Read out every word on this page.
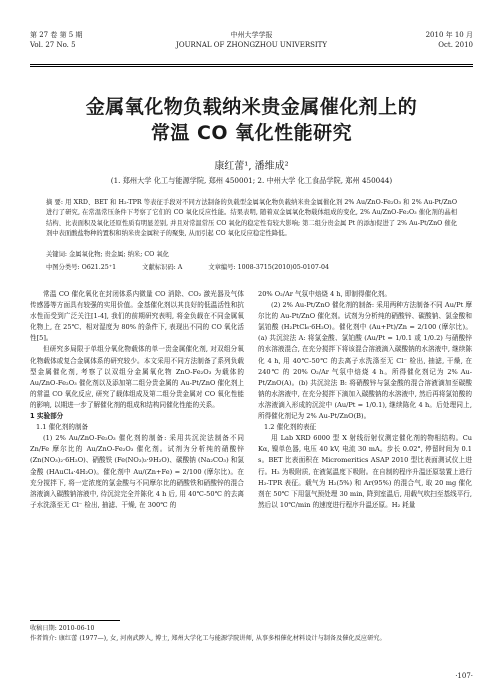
第 27 卷 第 5 期
Vol. 27 No. 5
中州大学学报
JOURNAL OF ZHONGZHOU UNIVERSITY
2010 年 10 月
Oct. 2010
金属氧化物负载纳米贵金属催化剂上的
常温 CO 氧化性能研究
康红蕾¹, 潘维成²
(1. 郑州大学 化工与能源学院, 郑州 450001; 2. 中州大学 化工食品学院, 郑州 450044)
摘 要: 用 XRD、BET 和 H₂-TPR 等表征手段对不同方法制备的负载型金属氧化物负载纳米贵金属催化剂 2% Au/ZnO-Fe₂O₃ 和 2% Au-Pt/ZnO 进行了研究, 在常温常压条件下考察了它们的 CO 氧化反应性能。结果表明, 随着双金属氧化物载体组成的变化, 2% Au/ZnO-Fe₂O₃ 催化剂的晶相结构、比表面积及氧化还原性质有明显差别, 并且对常温常压 CO 氧化的稳定性有较大影响; 第二组分贵金属 Pt 的添加促进了 2% Au-Pt/ZnO 催化剂中表面酸盐物种的置积和纳米贵金属粒子的聚集, 从而引起 CO 氧化反应稳定性降低。
关键词: 金属氧化物; 贵金属; 纳米; CO 氧化
中图分类号: O621.25⁺1	文献标识码: A	文章编号: 1008-3715(2010)05-0107-04

常温 CO 催化氧化在封闭体系内微量 CO 消除、CO₂ 激光器及气体传感器等方面具有较强的实用价值。金基催化剂以其良好的低温活性和抗水性而受到广泛关注[1-4], 我们的前期研究表明, 将金负载在不同金属氧化物上, 在 25℃、相对湿度为 80% 的条件下, 表现出不同的 CO 氧化活性[5]。

但研究多局限于单组分氧化物载体的单一贵金属催化剂, 对双组分氧化物载体或复合金属体系的研究较少。本文采用不同方法制备了系列负载型金属催化剂, 考察了以双组分金属氧化物 ZnO-Fe₂O₃ 为载体的 Au/ZnO-Fe₂O₃ 催化剂以及添加第二组分贵金属的 Au-Pt/ZnO 催化剂上的常温 CO 氧化反应, 研究了载体组成及第二组分贵金属对 CO 氧化性能的影响, 以期进一步了解催化剂的组成和结构同催化性能的关系。

1 实验部分

1.1 催化剂的制备

(1) 2% Au/ZnO-Fe₂O₃ 催化剂的制备: 采用共沉淀法制备不同 Zn/Fe 摩尔比的 Au/ZnO-Fe₂O₃ 催化剂。试剂为分析纯的硝酸锌 (Zn(NO₃)₂·6H₂O)、硝酸铁 (Fe(NO₃)₃·9H₂O)、碳酸钠 (Na₂CO₃) 和氯金酸 (HAuCl₄·4H₂O)。催化剂中 Au/(Zn+Fe) = 2/100 (摩尔比)。在充分搅拌下, 将一定浓度的氯金酸与不同摩尔比的硝酸铁和硝酸锌的混合溶液滴入碳酸钠溶液中, 待沉淀完全并陈化 4 h 后, 用 40℃-50℃ 的去离子水洗涤至无 Cl⁻ 检出, 抽滤、干燥, 在 300℃ 的

20% O₂/Ar 气氛中焙烧 4 h, 即制得催化剂。

(2) 2% Au-Pt/ZnO 催化剂的制备: 采用两种方法制备不同 Au/Pt 摩尔比的 Au-Pt/ZnO 催化剂。试剂为分析纯的硝酸锌、碳酸钠、氯金酸和氯铂酸 (H₂PtCl₆·6H₂O)。催化剂中 (Au+Pt)/Zn = 2/100 (摩尔比)。(a) 共沉淀法 A: 将氯金酸、氯铂酸 (Au/Pt = 1/0.1 或 1/0.2) 与硝酸锌的水溶液混合, 在充分搅拌下将该混合溶液滴入碳酸钠的水溶液中, 继续陈化 4 h, 用 40℃-50℃ 的去离子水洗涤至无 Cl⁻ 检出, 抽滤, 干燥, 在 240℃ 的 20% O₂/Ar 气氛中焙烧 4 h。所得催化剂记为 2% Au-Pt/ZnO(A)。(b) 共沉淀法 B: 将硝酸锌与氯金酸的混合溶液滴加至碳酸钠的水溶液中, 在充分搅拌下滴加入碳酸钠的水溶液中, 然后再将氯铂酸的水溶液滴入形成的沉淀中 (Au/Pt = 1/0.1), 继续陈化 4 h。后处理同上, 所得催化剂记为 2% Au-Pt/ZnO(B)。

1.2 催化剂的表征

用 Lab XRD 6000 型 X 射线衍射仪测定催化剂的物相结构。Cu Kα, 镍单色器, 电压 40 kV, 电流 30 mA。步长 0.02°, 停留时间为 0.1 s。BET 比表面积在 Micromeritics ASAP 2010 型比表面测试仪上进行。H₂ 为吸附质, 在液氮温度下吸附。在自制的程序升温还原装置上进行 H₂-TPR 表征。载气为 H₂(5%) 和 Ar(95%) 的混合气, 取 20 mg 催化剂在 50℃ 下用氩气预处理 30 min, 降到室温后, 用载气吹扫至基线平行, 然后以 10℃/min 的速度进行程序升温还原。H₂ 耗量

收稿日期: 2010-06-10
作者简介: 康红蕾 (1977—), 女, 河南武陟人, 博士, 郑州大学化工与能源学院讲师, 从事多相催化材料设计与制备及催化反应研究。
·107·
